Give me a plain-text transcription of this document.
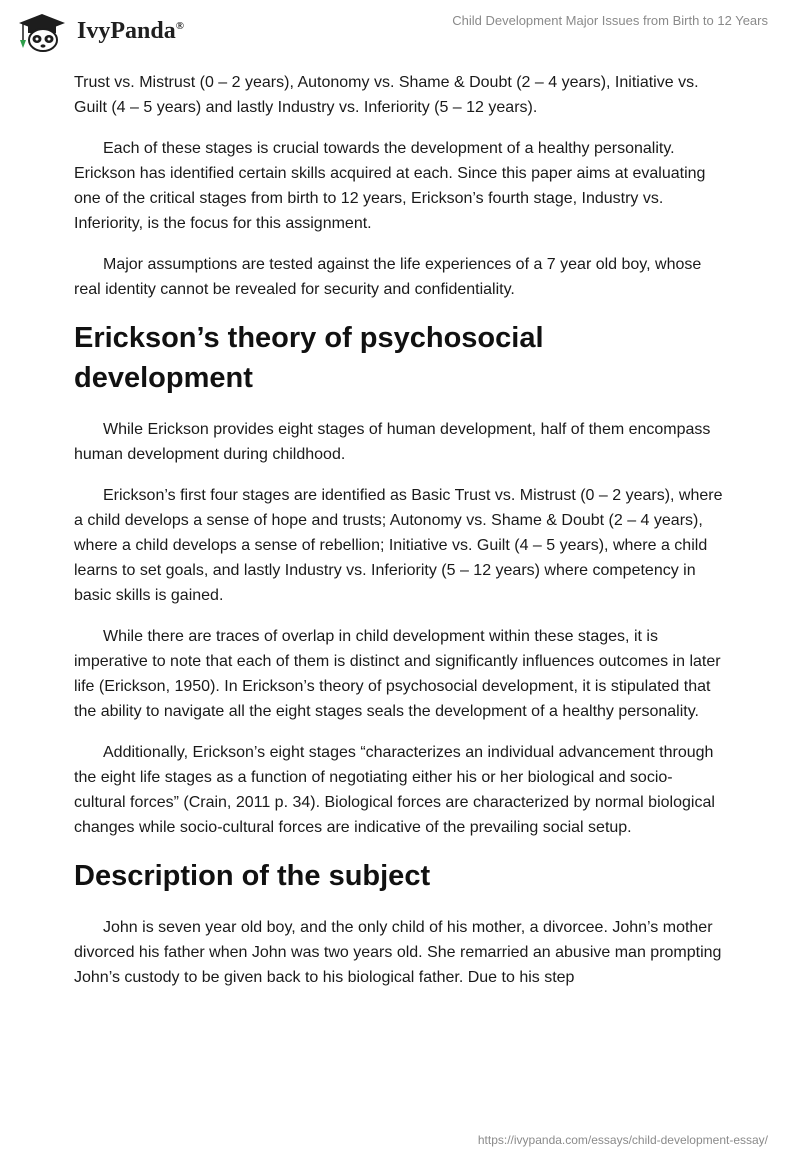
IvyPanda®	Child Development Major Issues from Birth to 12 Years

Trust vs. Mistrust (0 – 2 years), Autonomy vs. Shame & Doubt (2 – 4 years), Initiative vs. Guilt (4 – 5 years) and lastly Industry vs. Inferiority (5 – 12 years).

Each of these stages is crucial towards the development of a healthy personality. Erickson has identified certain skills acquired at each. Since this paper aims at evaluating one of the critical stages from birth to 12 years, Erickson’s fourth stage, Industry vs. Inferiority, is the focus for this assignment.

Major assumptions are tested against the life experiences of a 7 year old boy, whose real identity cannot be revealed for security and confidentiality.

Erickson’s theory of psychosocial development

While Erickson provides eight stages of human development, half of them encompass human development during childhood.

Erickson’s first four stages are identified as Basic Trust vs. Mistrust (0 – 2 years), where a child develops a sense of hope and trusts; Autonomy vs. Shame & Doubt (2 – 4 years), where a child develops a sense of rebellion; Initiative vs. Guilt (4 – 5 years), where a child learns to set goals, and lastly Industry vs. Inferiority (5 – 12 years) where competency in basic skills is gained.

While there are traces of overlap in child development within these stages, it is imperative to note that each of them is distinct and significantly influences outcomes in later life (Erickson, 1950). In Erickson’s theory of psychosocial development, it is stipulated that the ability to navigate all the eight stages seals the development of a healthy personality.

Additionally, Erickson’s eight stages “characterizes an individual advancement through the eight life stages as a function of negotiating either his or her biological and socio-cultural forces” (Crain, 2011 p. 34). Biological forces are characterized by normal biological changes while socio-cultural forces are indicative of the prevailing social setup.

Description of the subject

John is seven year old boy, and the only child of his mother, a divorcee. John’s mother divorced his father when John was two years old. She remarried an abusive man prompting John’s custody to be given back to his biological father. Due to his step

https://ivypanda.com/essays/child-development-essay/
